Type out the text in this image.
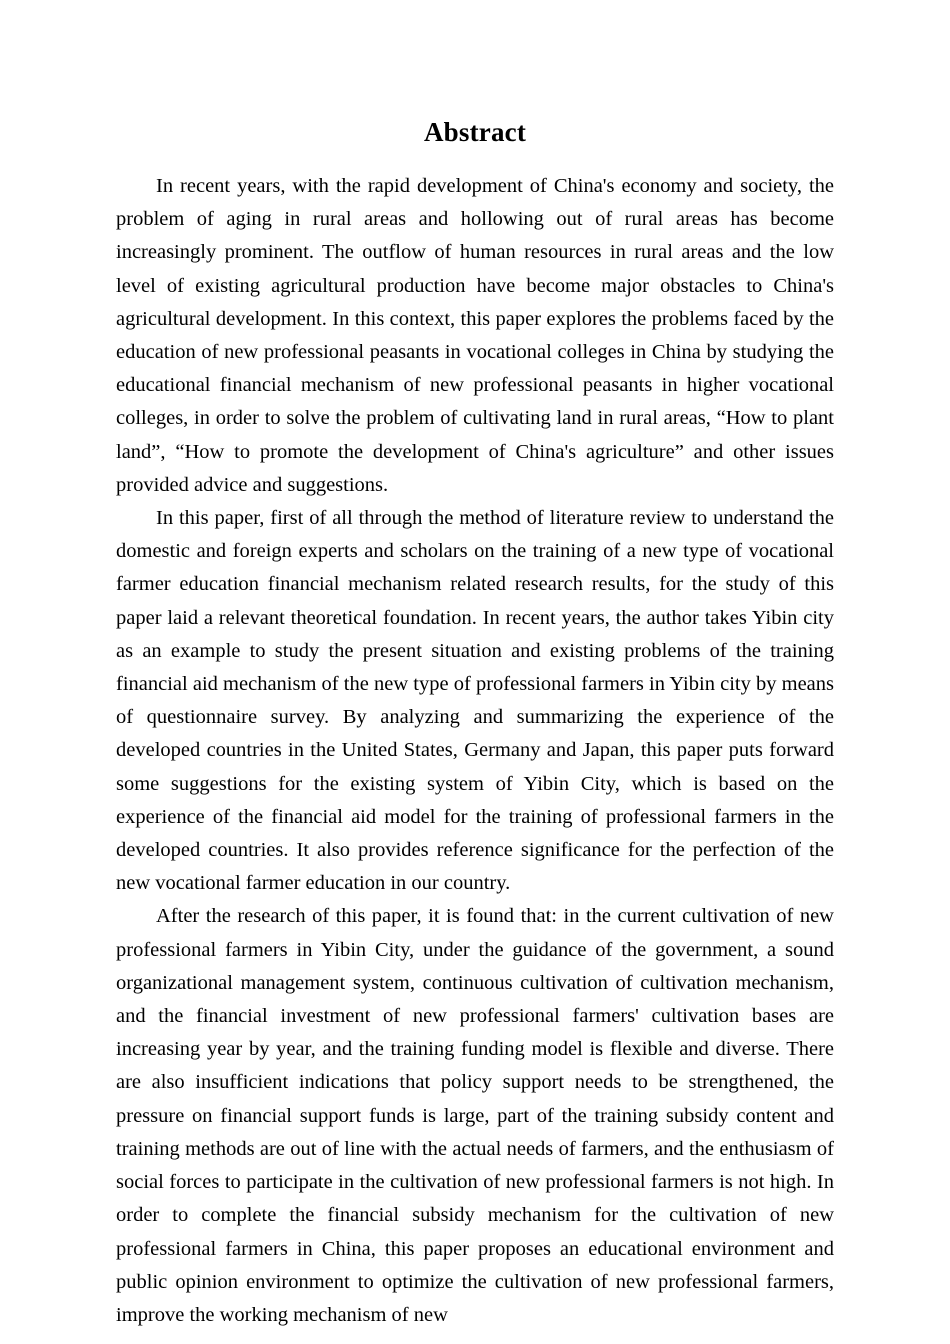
Abstract

In recent years, with the rapid development of China's economy and society, the problem of aging in rural areas and hollowing out of rural areas has become increasingly prominent. The outflow of human resources in rural areas and the low level of existing agricultural production have become major obstacles to China's agricultural development. In this context, this paper explores the problems faced by the education of new professional peasants in vocational colleges in China by studying the educational financial mechanism of new professional peasants in higher vocational colleges, in order to solve the problem of cultivating land in rural areas, “How to plant land”, “How to promote the development of China's agriculture” and other issues provided advice and suggestions.

In this paper, first of all through the method of literature review to understand the domestic and foreign experts and scholars on the training of a new type of vocational farmer education financial mechanism related research results, for the study of this paper laid a relevant theoretical foundation. In recent years, the author takes Yibin city as an example to study the present situation and existing problems of the training financial aid mechanism of the new type of professional farmers in Yibin city by means of questionnaire survey. By analyzing and summarizing the experience of the developed countries in the United States, Germany and Japan, this paper puts forward some suggestions for the existing system of Yibin City, which is based on the experience of the financial aid model for the training of professional farmers in the developed countries. It also provides reference significance for the perfection of the new vocational farmer education in our country.

After the research of this paper, it is found that: in the current cultivation of new professional farmers in Yibin City, under the guidance of the government, a sound organizational management system, continuous cultivation of cultivation mechanism, and the financial investment of new professional farmers' cultivation bases are increasing year by year, and the training funding model is flexible and diverse. There are also insufficient indications that policy support needs to be strengthened, the pressure on financial support funds is large, part of the training subsidy content and training methods are out of line with the actual needs of farmers, and the enthusiasm of social forces to participate in the cultivation of new professional farmers is not high. In order to complete the financial subsidy mechanism for the cultivation of new professional farmers in China, this paper proposes an educational environment and public opinion environment to optimize the cultivation of new professional farmers, improve the working mechanism of new
